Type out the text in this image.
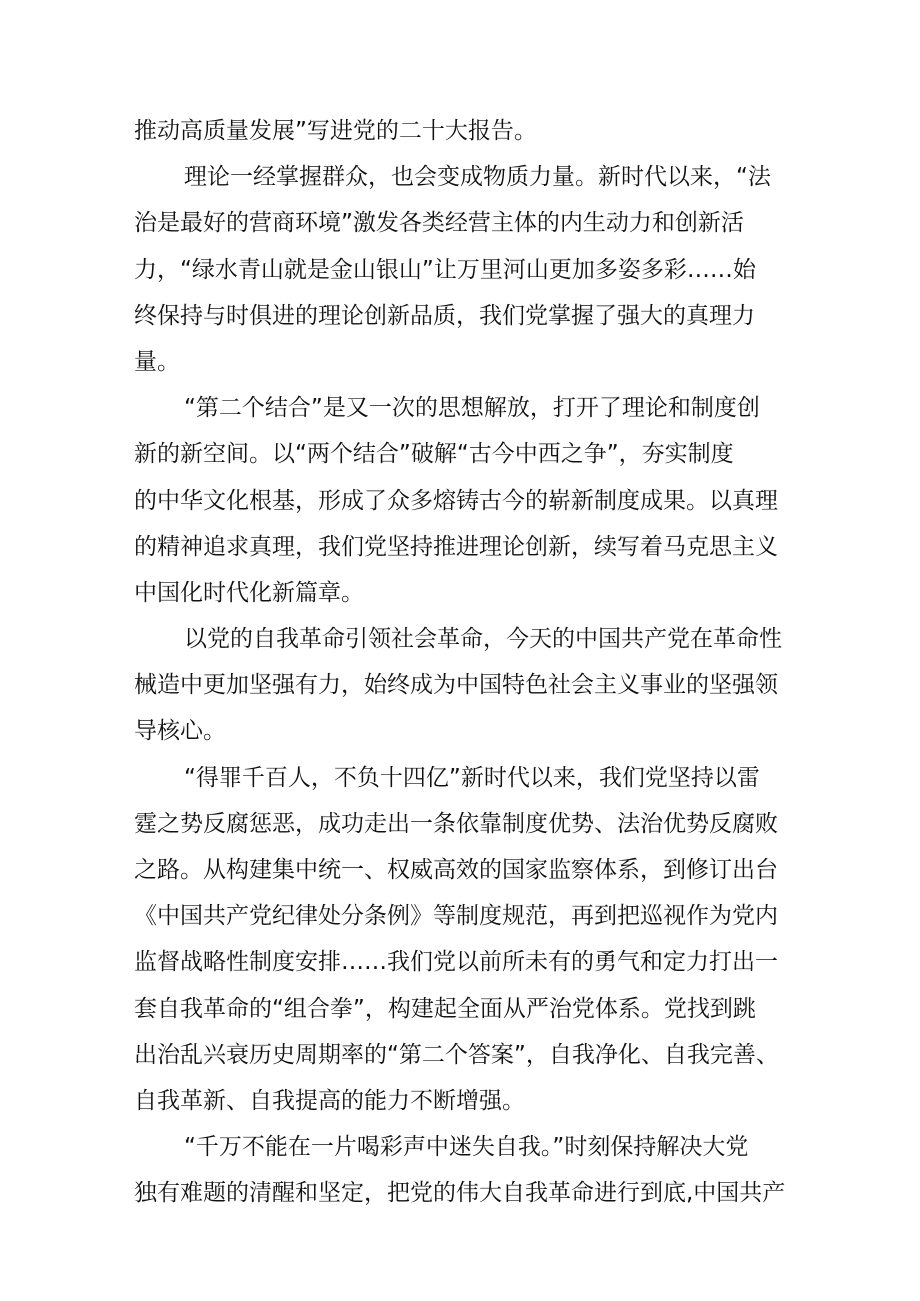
推动高质量发展”写进党的二十大报告。
理论一经掌握群众，也会变成物质力量。新时代以来，“法
治是最好的营商环境”激发各类经营主体的内生动力和创新活
力，“绿水青山就是金山银山”让万里河山更加多姿多彩……始
终保持与时俱进的理论创新品质，我们党掌握了强大的真理力
量。
“第二个结合”是又一次的思想解放，打开了理论和制度创
新的新空间。以“两个结合”破解“古今中西之争”，夯实制度
的中华文化根基，形成了众多熔铸古今的崭新制度成果。以真理
的精神追求真理，我们党坚持推进理论创新，续写着马克思主义
中国化时代化新篇章。
以党的自我革命引领社会革命，今天的中国共产党在革命性
械造中更加坚强有力，始终成为中国特色社会主义事业的坚强领
导核心。
“得罪千百人，不负十四亿”新时代以来，我们党坚持以雷
霆之势反腐惩恶，成功走出一条依靠制度优势、法治优势反腐败
之路。从构建集中统一、权威高效的国家监察体系，到修订出台
《中国共产党纪律处分条例》等制度规范，再到把巡视作为党内
监督战略性制度安排……我们党以前所未有的勇气和定力打出一
套自我革命的“组合拳”，构建起全面从严治党体系。党找到跳
出治乱兴衰历史周期率的“第二个答案”，自我净化、自我完善、
自我革新、自我提高的能力不断增强。
“千万不能在一片喝彩声中迷失自我。”时刻保持解决大党
独有难题的清醒和坚定，把党的伟大自我革命进行到底,中国共产
